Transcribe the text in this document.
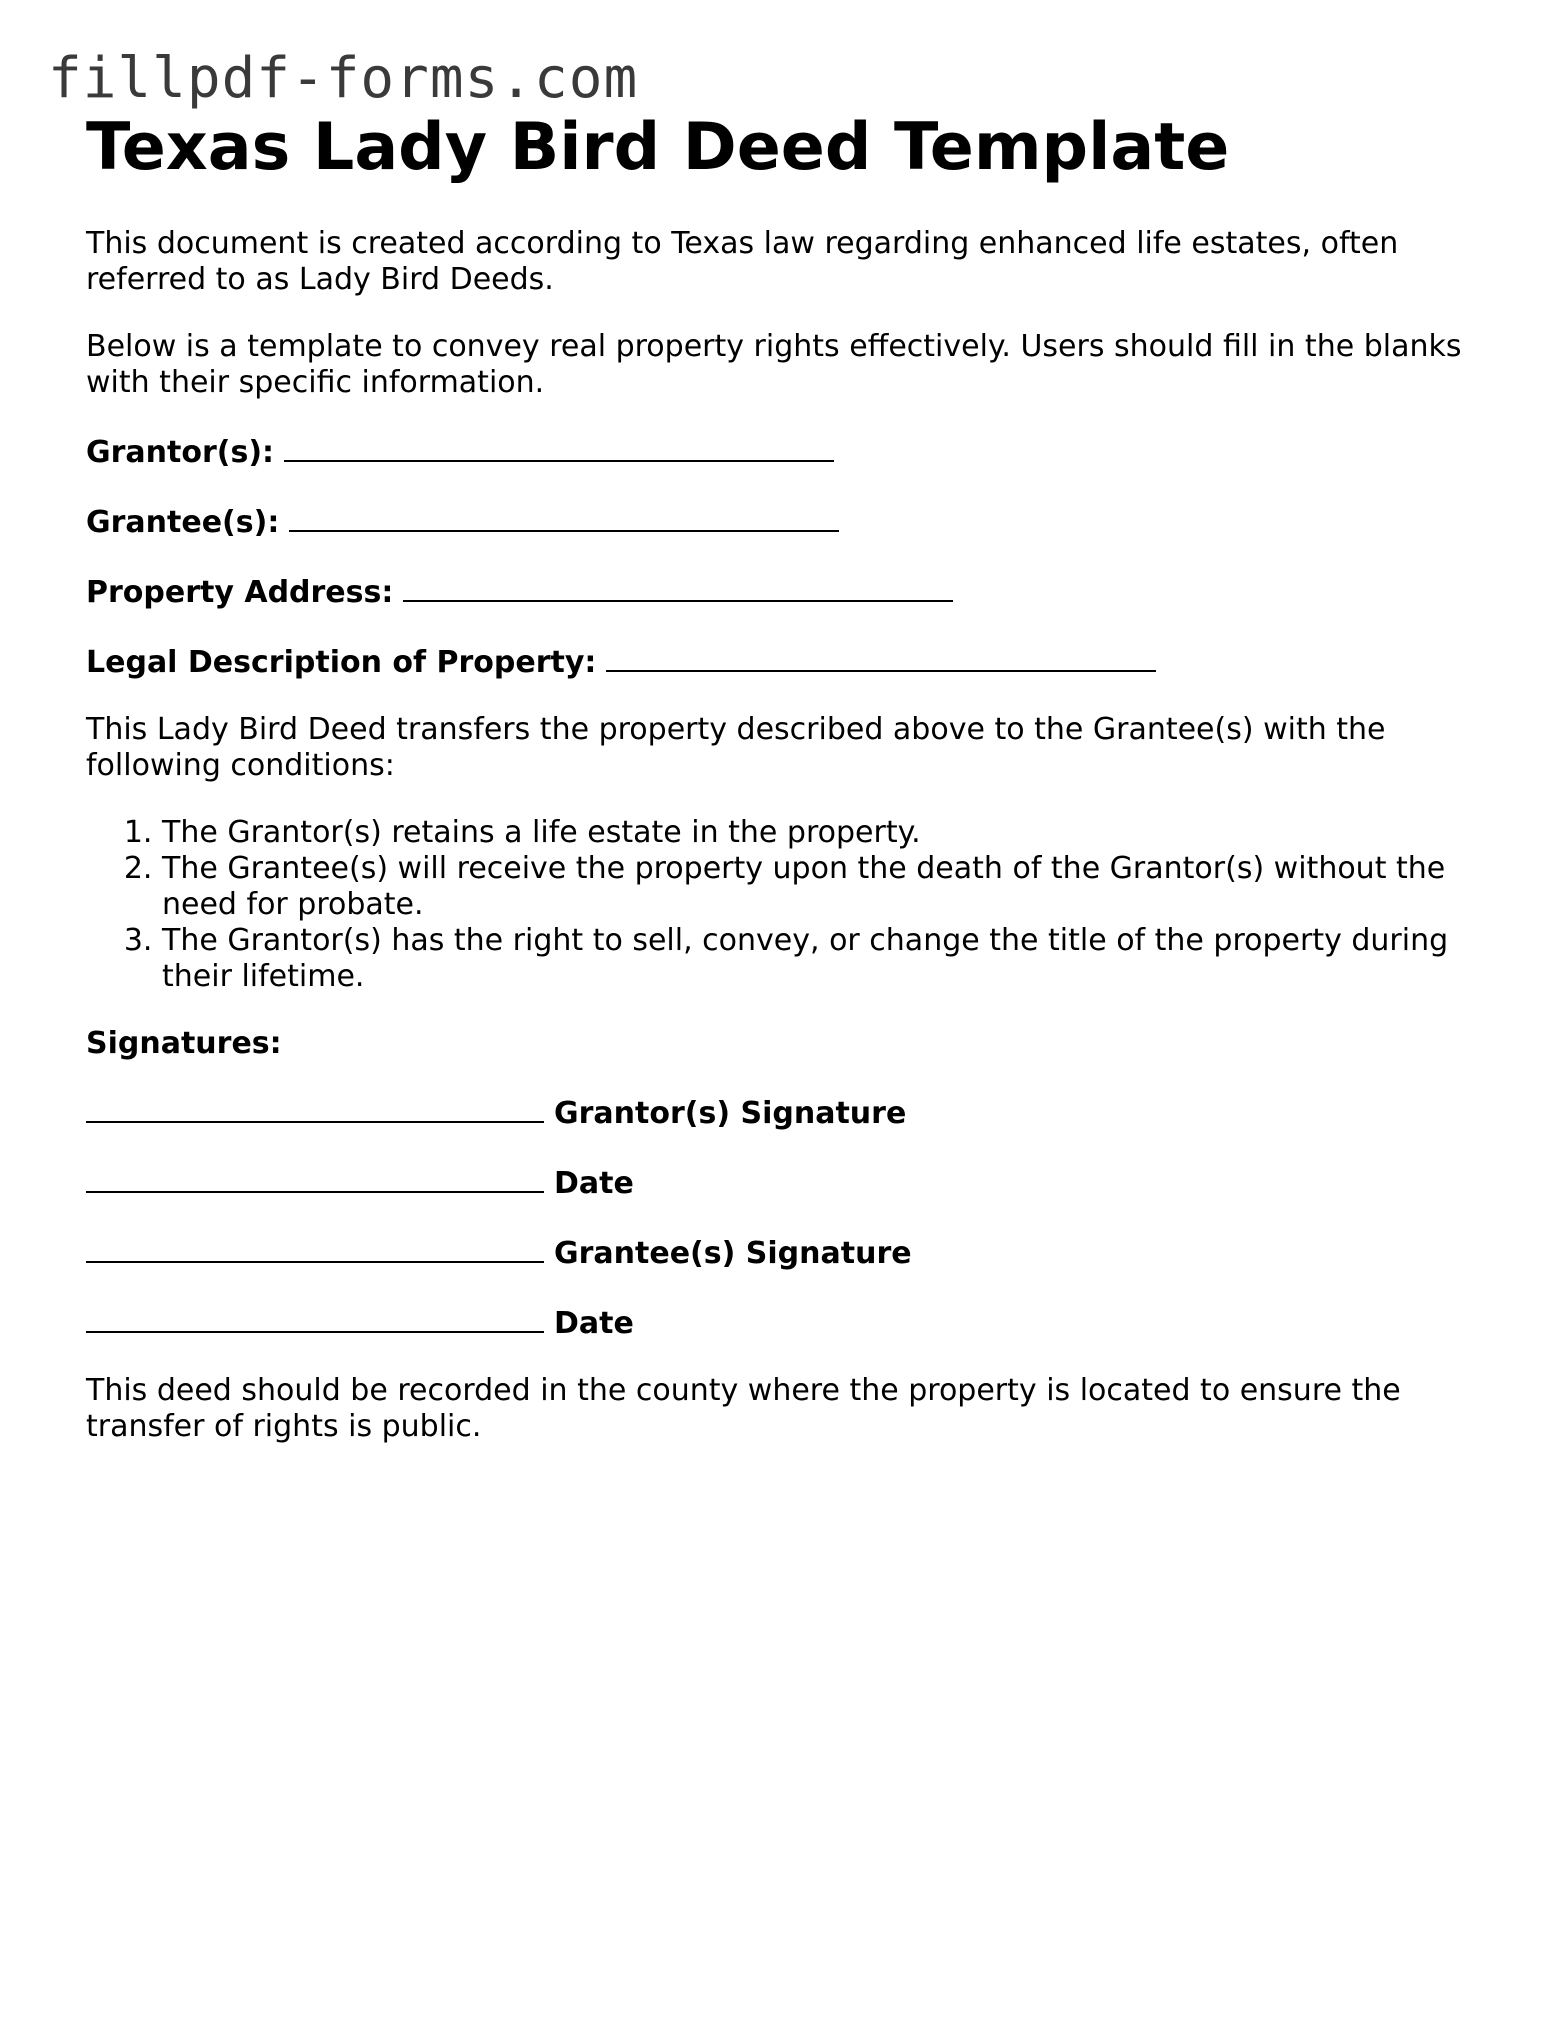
fillpdf-forms.com
Texas Lady Bird Deed Template

This document is created according to Texas law regarding enhanced life estates, often referred to as Lady Bird Deeds.

Below is a template to convey real property rights effectively. Users should fill in the blanks with their specific information.

Grantor(s):

Grantee(s):

Property Address:

Legal Description of Property:

This Lady Bird Deed transfers the property described above to the Grantee(s) with the following conditions:

1. The Grantor(s) retains a life estate in the property.
2. The Grantee(s) will receive the property upon the death of the Grantor(s) without the need for probate.
3. The Grantor(s) has the right to sell, convey, or change the title of the property during their lifetime.

Signatures:

Grantor(s) Signature

Date

Grantee(s) Signature

Date

This deed should be recorded in the county where the property is located to ensure the transfer of rights is public.
